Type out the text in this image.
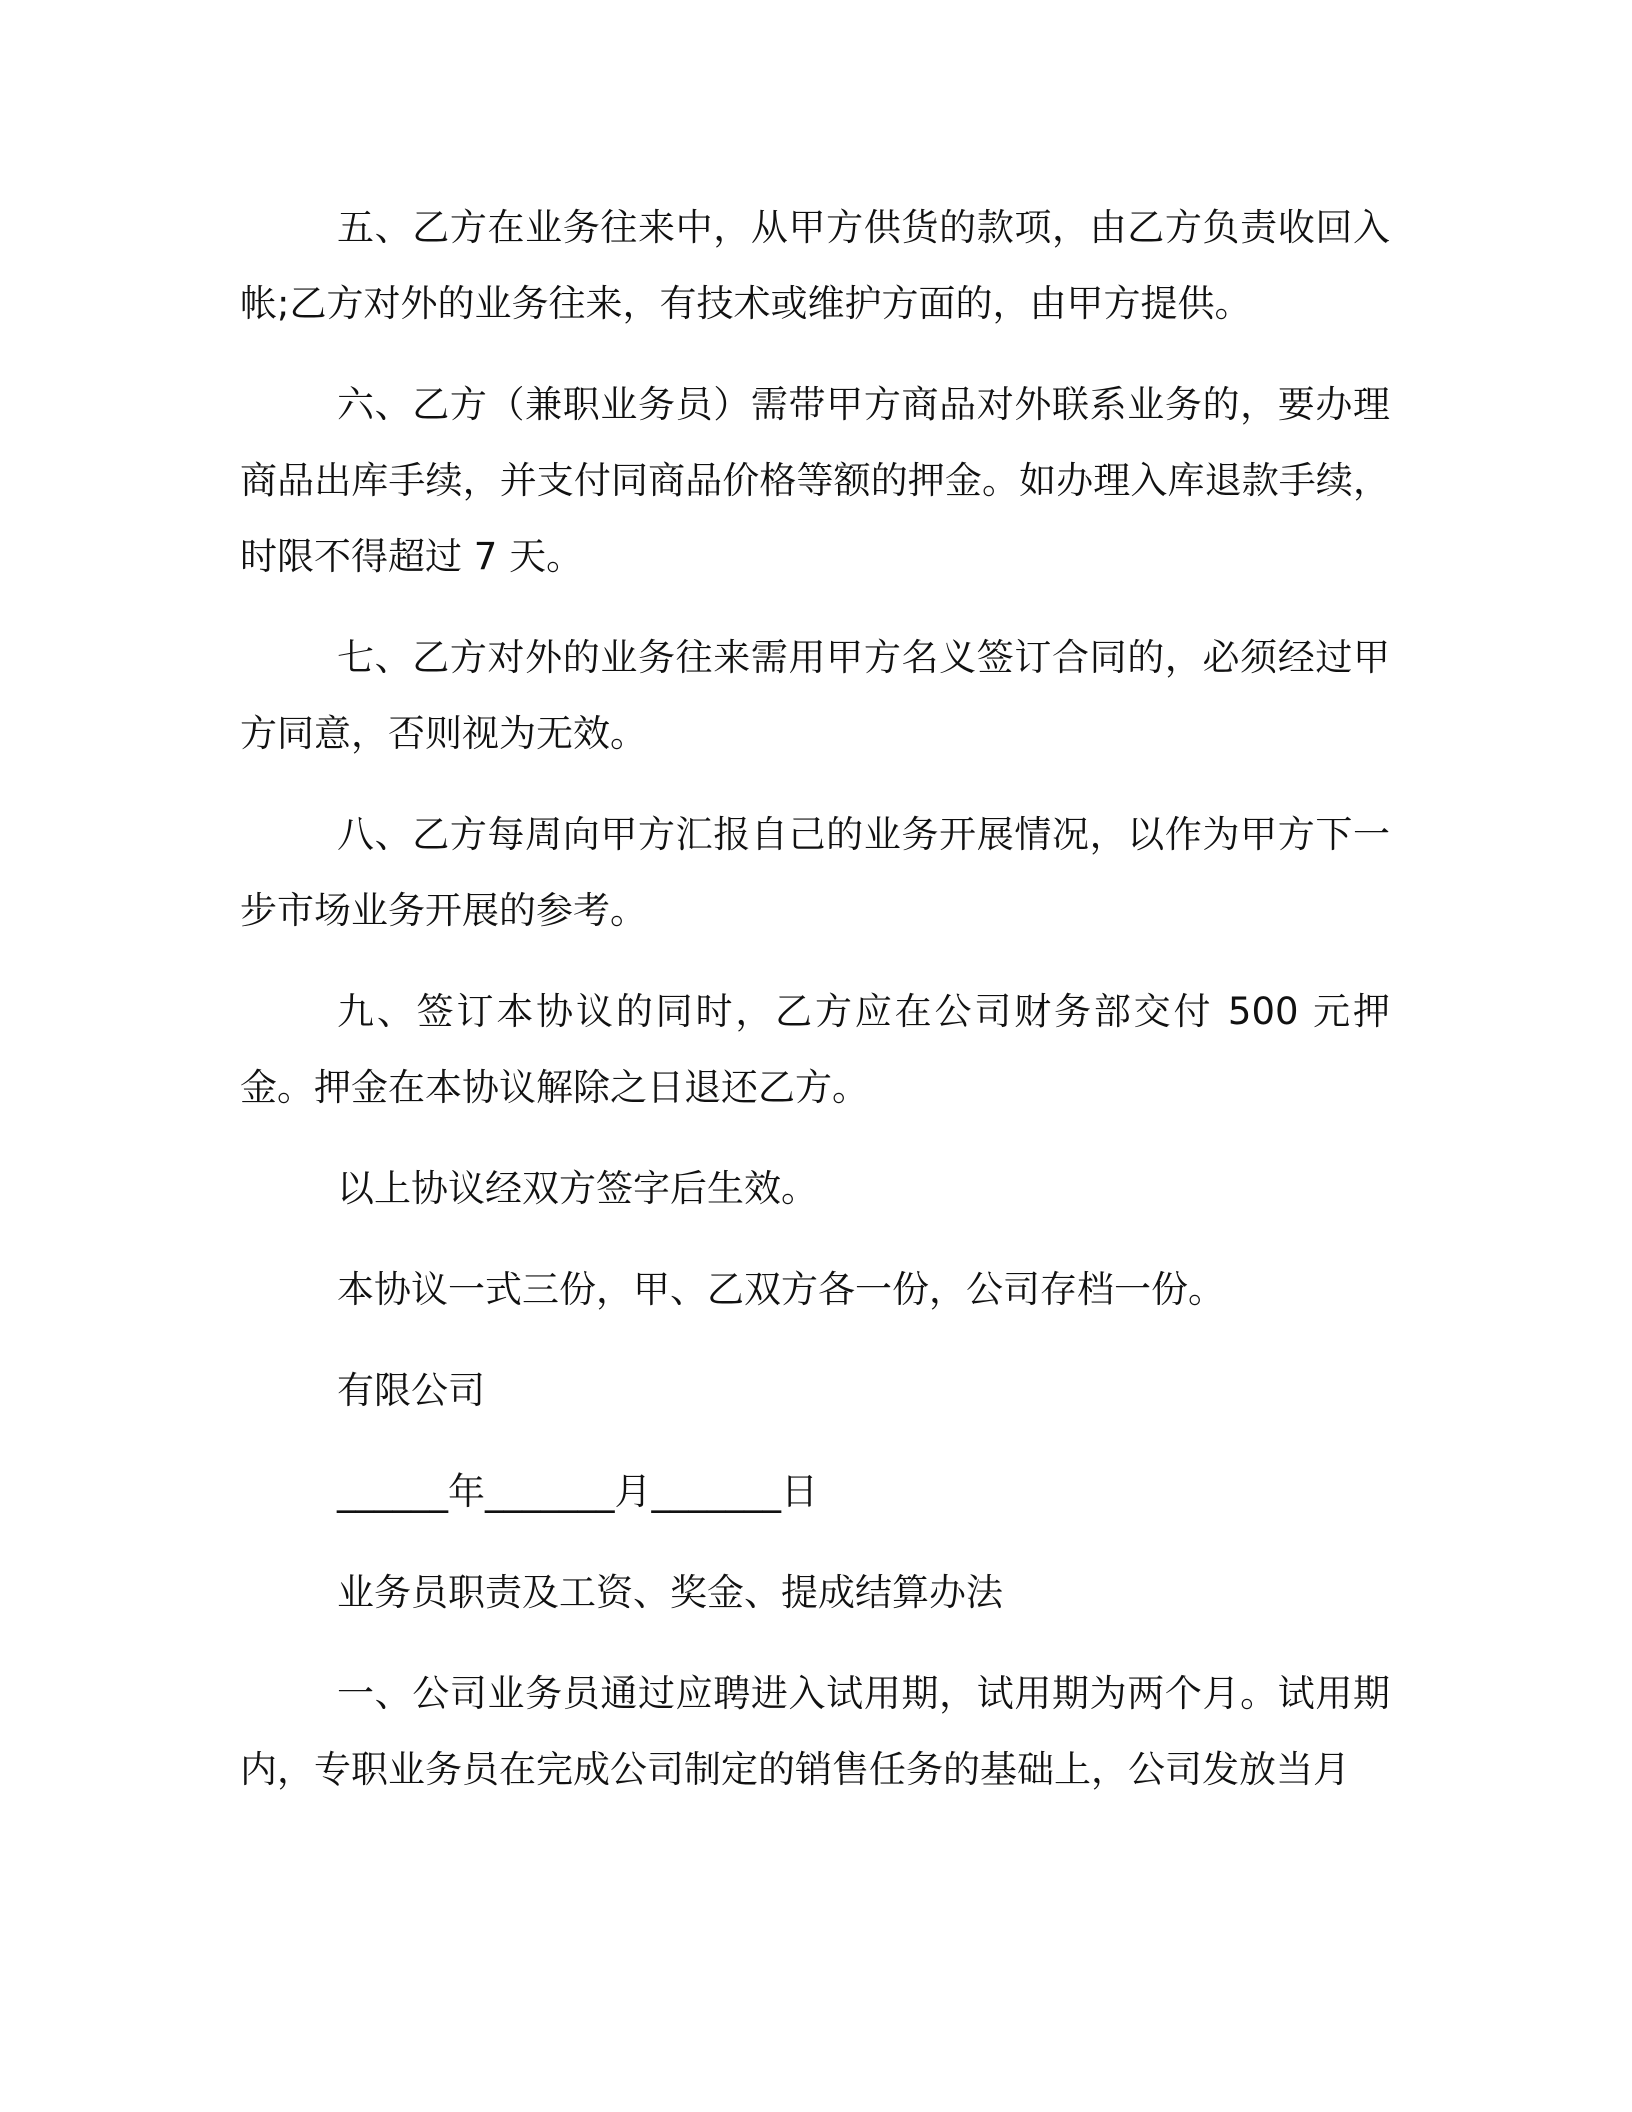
五、乙方在业务往来中，从甲方供货的款项，由乙方负责收回入帐;乙方对外的业务往来，有技术或维护方面的，由甲方提供。

六、乙方（兼职业务员）需带甲方商品对外联系业务的，要办理商品出库手续，并支付同商品价格等额的押金。如办理入库退款手续，时限不得超过 7 天。

七、乙方对外的业务往来需用甲方名义签订合同的，必须经过甲方同意，否则视为无效。

八、乙方每周向甲方汇报自己的业务开展情况，以作为甲方下一步市场业务开展的参考。

九、签订本协议的同时，乙方应在公司财务部交付 500 元押金。押金在本协议解除之日退还乙方。

以上协议经双方签字后生效。

本协议一式三份，甲、乙双方各一份，公司存档一份。

有限公司

______年_______月_______日

业务员职责及工资、奖金、提成结算办法

一、公司业务员通过应聘进入试用期，试用期为两个月。试用期内，专职业务员在完成公司制定的销售任务的基础上，公司发放当月
